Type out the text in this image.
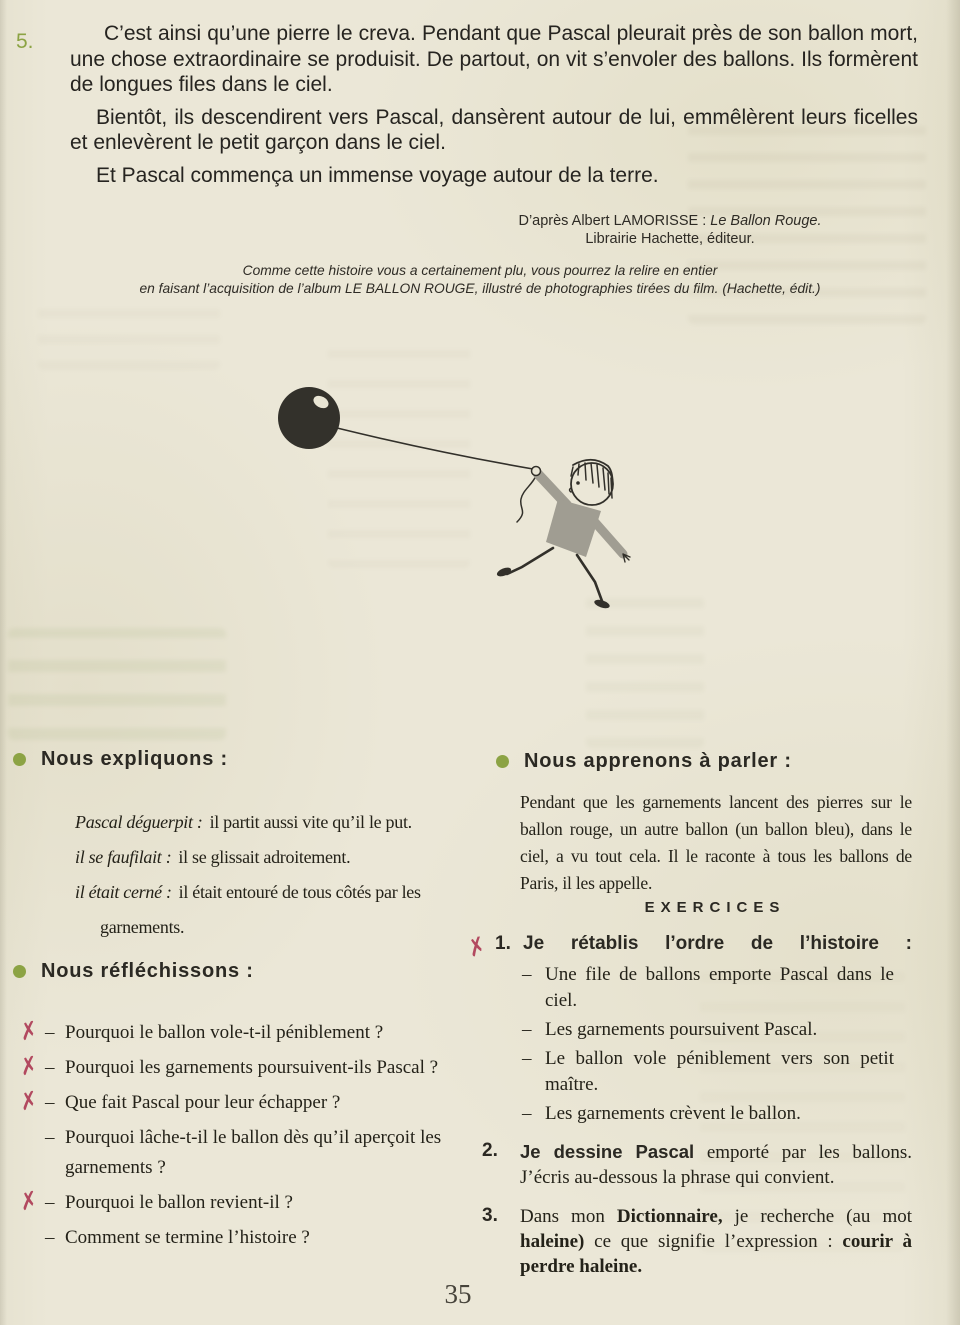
5.	C’est ainsi qu’une pierre le creva. Pendant que Pascal pleurait près de son ballon mort, une chose extraordinaire se produisit. De partout, on vit s’envoler des ballons. Ils formèrent de longues files dans le ciel.

Bientôt, ils descendirent vers Pascal, dansèrent autour de lui, emmêlèrent leurs ficelles et enlevèrent le petit garçon dans le ciel.

Et Pascal commença un immense voyage autour de la terre.

D’après Albert LAMORISSE : Le Ballon Rouge.
Librairie Hachette, éditeur.
Comme cette histoire vous a certainement plu, vous pourrez la relire en entier
en faisant l’acquisition de l’album LE BALLON ROUGE, illustré de photographies tirées du film. (Hachette, édit.)
Nous expliquons :

Pascal déguerpit : il partit aussi vite qu’il le put.

il se faufilait : il se glissait adroitement.

il était cerné : il était entouré de tous côtés par les garnements.

Nous réfléchissons :
✗ – Pourquoi le ballon vole-t-il péniblement ?
✗ – Pourquoi les garnements poursuivent-ils Pascal ?
✗ – Que fait Pascal pour leur échapper ?
– Pourquoi lâche-t-il le ballon dès qu’il aperçoit les garnements ?
✗ – Pourquoi le ballon revient-il ?
– Comment se termine l’histoire ?
Nous apprenons à parler :

Pendant que les garnements lancent des pierres sur le ballon rouge, un autre ballon (un ballon bleu), dans le ciel, a vu tout cela. Il le raconte à tous les ballons de Paris, il les appelle.

EXERCICES
✗ 1. Je rétablis l’ordre de l’histoire :
– Une file de ballons emporte Pascal dans le ciel.
– Les garnements poursuivent Pascal.
– Le ballon vole péniblement vers son petit maître.
– Les garnements crèvent le ballon.
2. Je dessine Pascal emporté par les ballons. J’écris au-dessous la phrase qui convient.

3. Dans mon Dictionnaire, je recherche (au mot haleine) ce que signifie l’expression : courir à perdre haleine.

35
